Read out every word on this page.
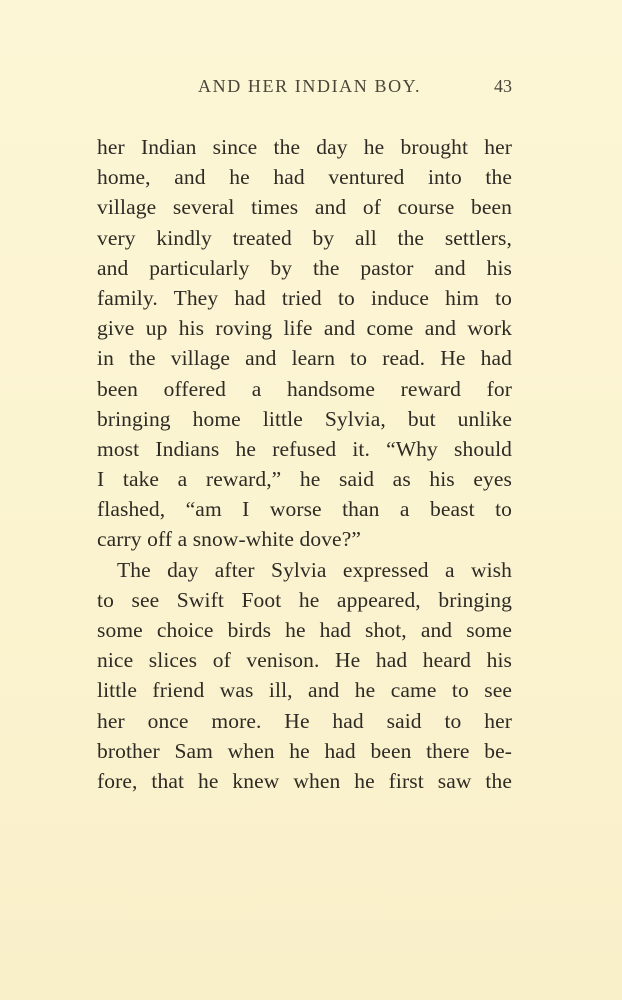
AND HER INDIAN BOY.	43
her Indian since the day he brought her
home, and he had ventured into the
village several times and of course been
very kindly treated by all the settlers,
and particularly by the pastor and his
family. They had tried to induce him to
give up his roving life and come and work
in the village and learn to read. He had
been offered a handsome reward for
bringing home little Sylvia, but unlike
most Indians he refused it. “Why should
I take a reward,” he said as his eyes
flashed, “am I worse than a beast to
carry off a snow-white dove?”
The day after Sylvia expressed a wish
to see Swift Foot he appeared, bringing
some choice birds he had shot, and some
nice slices of venison. He had heard his
little friend was ill, and he came to see
her once more. He had said to her
brother Sam when he had been there be-
fore, that he knew when he first saw the
